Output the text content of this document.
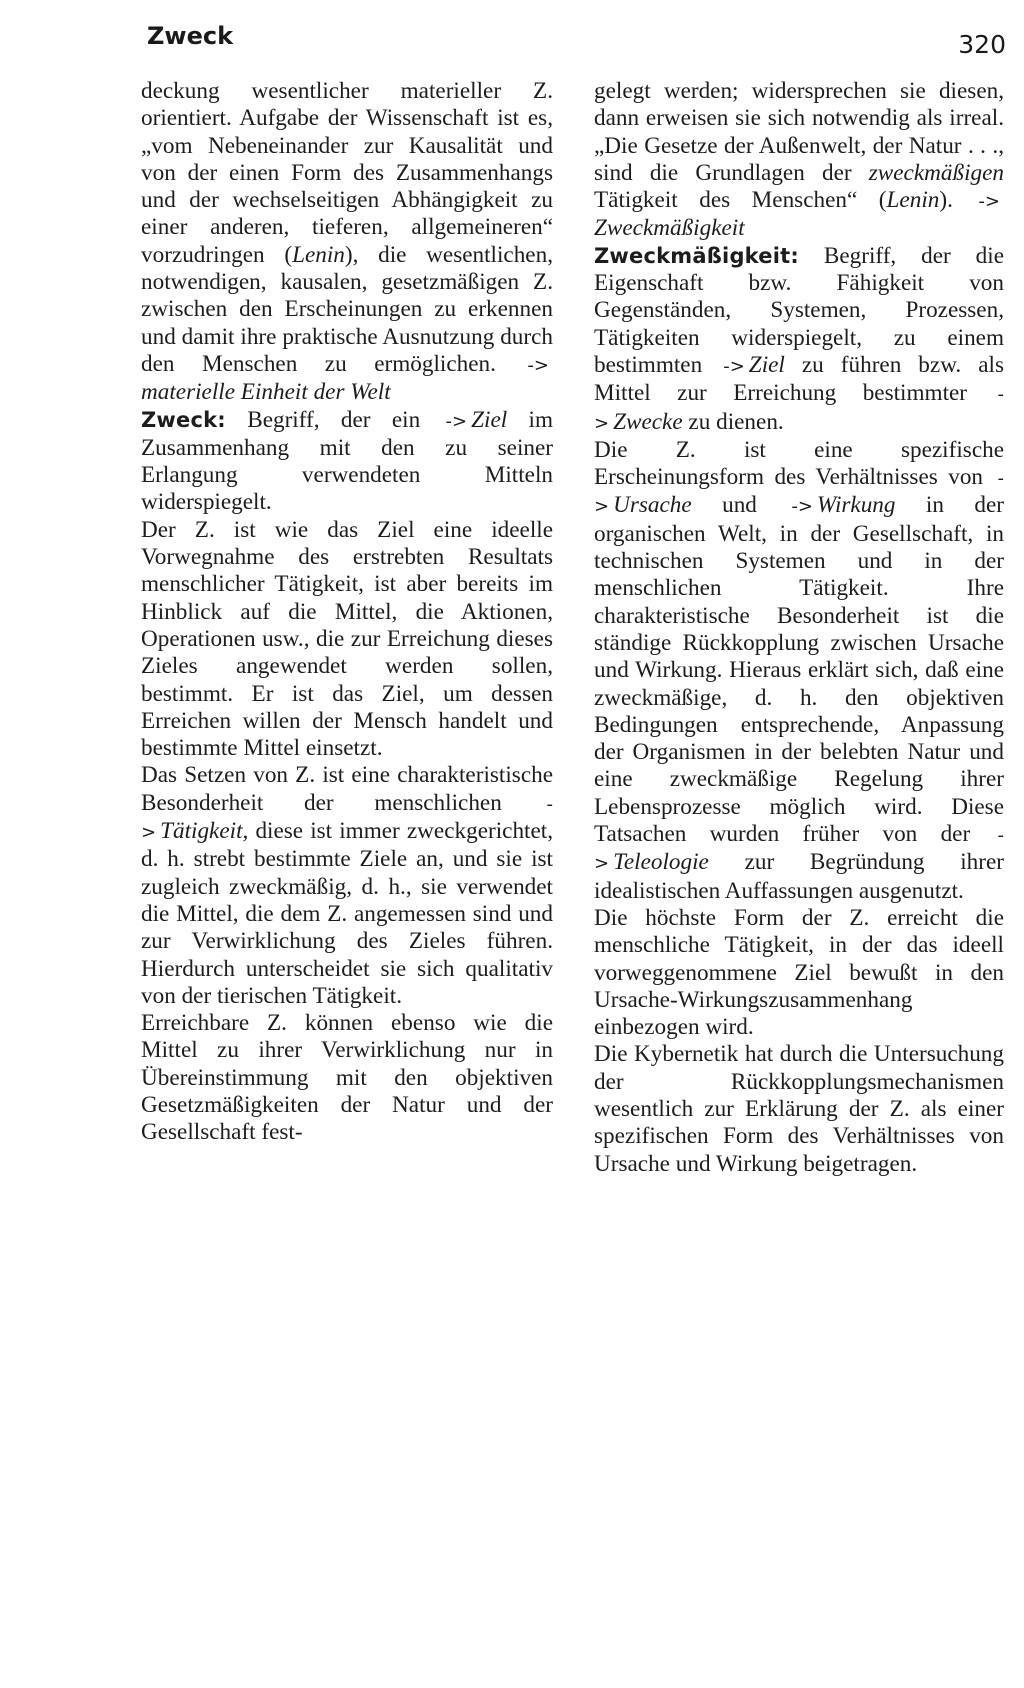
Zweck	320

deckung wesentlicher materieller Z. orientiert. Aufgabe der Wissenschaft ist es, „vom Nebeneinander zur Kausalität und von der einen Form des Zusammenhangs und der wechselseitigen Abhängigkeit zu einer anderen, tieferen, allgemeineren“ vorzudringen (Lenin), die wesentlichen, notwendigen, kausalen, gesetzmäßigen Z. zwischen den Erscheinungen zu erkennen und damit ihre praktische Ausnutzung durch den Menschen zu ermöglichen. -> materielle Einheit der Welt

Zweck: Begriff, der ein -> Ziel im Zusammenhang mit den zu seiner Erlangung verwendeten Mitteln widerspiegelt.

Der Z. ist wie das Ziel eine ideelle Vorwegnahme des erstrebten Resultats menschlicher Tätigkeit, ist aber bereits im Hinblick auf die Mittel, die Aktionen, Operationen usw., die zur Erreichung dieses Zieles angewendet werden sollen, bestimmt. Er ist das Ziel, um dessen Erreichen willen der Mensch handelt und bestimmte Mittel einsetzt.

Das Setzen von Z. ist eine charakteristische Besonderheit der menschlichen -> Tätigkeit, diese ist immer zweckgerichtet, d. h. strebt bestimmte Ziele an, und sie ist zugleich zweckmäßig, d. h., sie verwendet die Mittel, die dem Z. angemessen sind und zur Verwirklichung des Zieles führen. Hierdurch unterscheidet sie sich qualitativ von der tierischen Tätigkeit.

Erreichbare Z. können ebenso wie die Mittel zu ihrer Verwirklichung nur in Übereinstimmung mit den objektiven Gesetzmäßigkeiten der Natur und der Gesellschaft fest-

gelegt werden; widersprechen sie diesen, dann erweisen sie sich notwendig als irreal. „Die Gesetze der Außenwelt, der Natur . . ., sind die Grundlagen der zweckmäßigen Tätigkeit des Menschen“ (Lenin). -> Zweckmäßigkeit

Zweckmäßigkeit: Begriff, der die Eigenschaft bzw. Fähigkeit von Gegenständen, Systemen, Prozessen, Tätigkeiten widerspiegelt, zu einem bestimmten -> Ziel zu führen bzw. als Mittel zur Erreichung bestimmter -> Zwecke zu dienen.

Die Z. ist eine spezifische Erscheinungsform des Verhältnisses von -> Ursache und -> Wirkung in der organischen Welt, in der Gesellschaft, in technischen Systemen und in der menschlichen Tätigkeit. Ihre charakteristische Besonderheit ist die ständige Rückkopplung zwischen Ursache und Wirkung. Hieraus erklärt sich, daß eine zweckmäßige, d. h. den objektiven Bedingungen entsprechende, Anpassung der Organismen in der belebten Natur und eine zweckmäßige Regelung ihrer Lebensprozesse möglich wird. Diese Tatsachen wurden früher von der -> Teleologie zur Begründung ihrer idealistischen Auffassungen ausgenutzt.

Die höchste Form der Z. erreicht die menschliche Tätigkeit, in der das ideell vorweggenommene Ziel bewußt in den Ursache-Wirkungszusammenhang einbezogen wird.

Die Kybernetik hat durch die Untersuchung der Rückkopplungsmechanismen wesentlich zur Erklärung der Z. als einer spezifischen Form des Verhältnisses von Ursache und Wirkung beigetragen.
